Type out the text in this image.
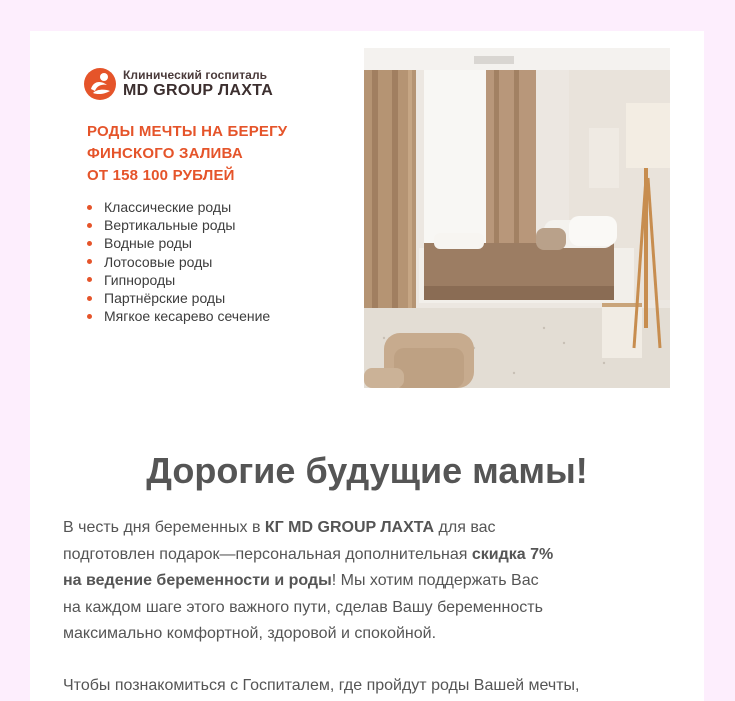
Клинический госпиталь
MD GROUP ЛАХТА
РОДЫ МЕЧТЫ НА БЕРЕГУ
ФИНСКОГО ЗАЛИВА
ОТ 158 100 РУБЛЕЙ
Классические роды
Вертикальные роды
Водные роды
Лотосовые роды
Гипнороды
Партнёрские роды
Мягкое кесарево сечение
Дорогие будущие мамы!
В честь дня беременных в КГ MD GROUP ЛАХТА для вас
подготовлен подарок—персональная дополнительная скидка 7%
на ведение беременности и роды! Мы хотим поддержать Вас
на каждом шаге этого важного пути, сделав Вашу беременность
максимально комфортной, здоровой и спокойной.
Чтобы познакомиться с Госпиталем, где пройдут роды Вашей мечты,
